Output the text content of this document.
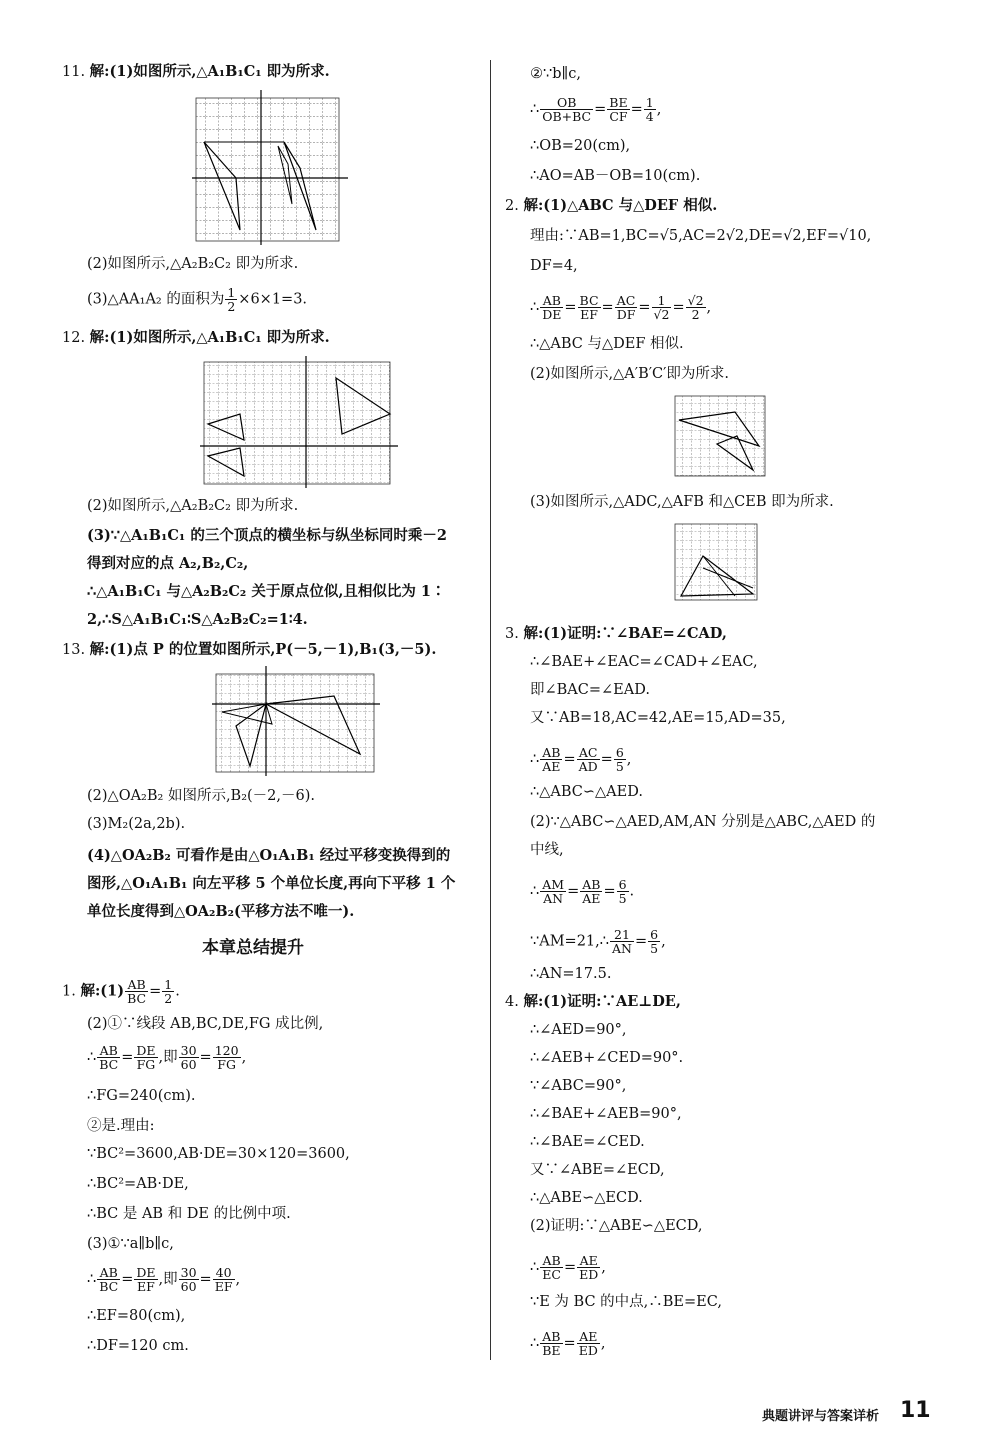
11. 解:(1)如图所示,△A₁B₁C₁ 即为所求.
(2)如图所示,△A₂B₂C₂ 即为所求.
(3)△AA₁A₂ 的面积为 $\frac{1}{2} \times 6\times 1=3$.
12. 解:(1)如图所示,△A₁B₁C₁ 即为所求.
(2)如图所示,△A₂B₂C₂ 即为所求.
(3)∵△A₁B₁C₁ 的三个顶点的横坐标与纵坐标同时乘－2
得到对应的点 A₂,B₂,C₂,
∴△A₁B₁C₁ 与△A₂B₂C₂ 关于原点位似,且相似比为 1∶
2,∴S△A₁B₁C₁∶S△A₂B₂C₂=1∶4.
13. 解:(1)点 P 的位置如图所示,P(－5,－1),B₁(3,－5).
(2)△OA₂B₂ 如图所示,B₂(－2,－6).
(3)M₂(2a,2b).
(4)△OA₂B₂ 可看作是由△O₁A₁B₁ 经过平移变换得到的
图形,△O₁A₁B₁ 向左平移 5 个单位长度,再向下平移 1 个
单位长度得到△OA₂B₂(平移方法不唯一).
本章总结提升
1. 解:(1) $\frac{AB}{BC} = \frac{1}{2}$ .
(2)①∵线段 AB,BC,DE,FG 成比例,
∴ $\frac{AB}{BC} = \frac{DE}{FG}$ ,即 $\frac{30}{60} = \frac{120}{FG}$ ,
∴FG=240(cm).
②是.理由:
∵BC²=3600,AB·DE=30×120=3600,
∴BC²=AB·DE,
∴BC 是 AB 和 DE 的比例中项.
(3)①∵a∥b∥c,
∴ $\frac{AB}{BC} = \frac{DE}{EF}$ ,即 $\frac{30}{60} = \frac{40}{EF}$ ,
∴EF=80(cm),
∴DF=120 cm.
②∵b∥c,
∴ $\frac{OB}{OB+BC} = \frac{BE}{CF} = \frac{1}{4}$ ,
∴OB=20(cm),
∴AO=AB－OB=10(cm).
2. 解:(1)△ABC 与△DEF 相似.
理由:∵AB=1,BC=√5,AC=2√2,DE=√2,EF=√10,
DF=4,
∴ $\frac{AB}{DE} = \frac{BC}{EF} = \frac{AC}{DF} = \frac{1}{√2} = \frac{√2}{2}$ ,
∴△ABC 与△DEF 相似.
(2)如图所示,△A′B′C′即为所求.
(3)如图所示,△ADC,△AFB 和△CEB 即为所求.
3. 解:(1)证明:∵∠BAE=∠CAD,
∴∠BAE+∠EAC=∠CAD+∠EAC,
即∠BAC=∠EAD.
又∵AB=18,AC=42,AE=15,AD=35,
∴ $\frac{AB}{AE} = \frac{AC}{AD} = \frac{6}{5}$ ,
∴△ABC∽△AED.
(2)∵△ABC∽△AED,AM,AN 分别是△ABC,△AED 的
中线,
∴ $\frac{AM}{AN} = \frac{AB}{AE} = \frac{6}{5}$ .
∵AM=21,∴ $\frac{21}{AN} = \frac{6}{5}$ ,
∴AN=17.5.
4. 解:(1)证明:∵AE⊥DE,
∴∠AED=90°,
∴∠AEB+∠CED=90°.
∵∠ABC=90°,
∴∠BAE+∠AEB=90°,
∴∠BAE=∠CED.
又∵∠ABE=∠ECD,
∴△ABE∽△ECD.
(2)证明:∵△ABE∽△ECD,
∴ $\frac{AB}{EC} = \frac{AE}{ED}$ ,
∵E 为 BC 的中点,∴BE=EC,
∴ $\frac{AB}{BE} = \frac{AE}{ED}$ ,
典题讲评与答案详析 11
